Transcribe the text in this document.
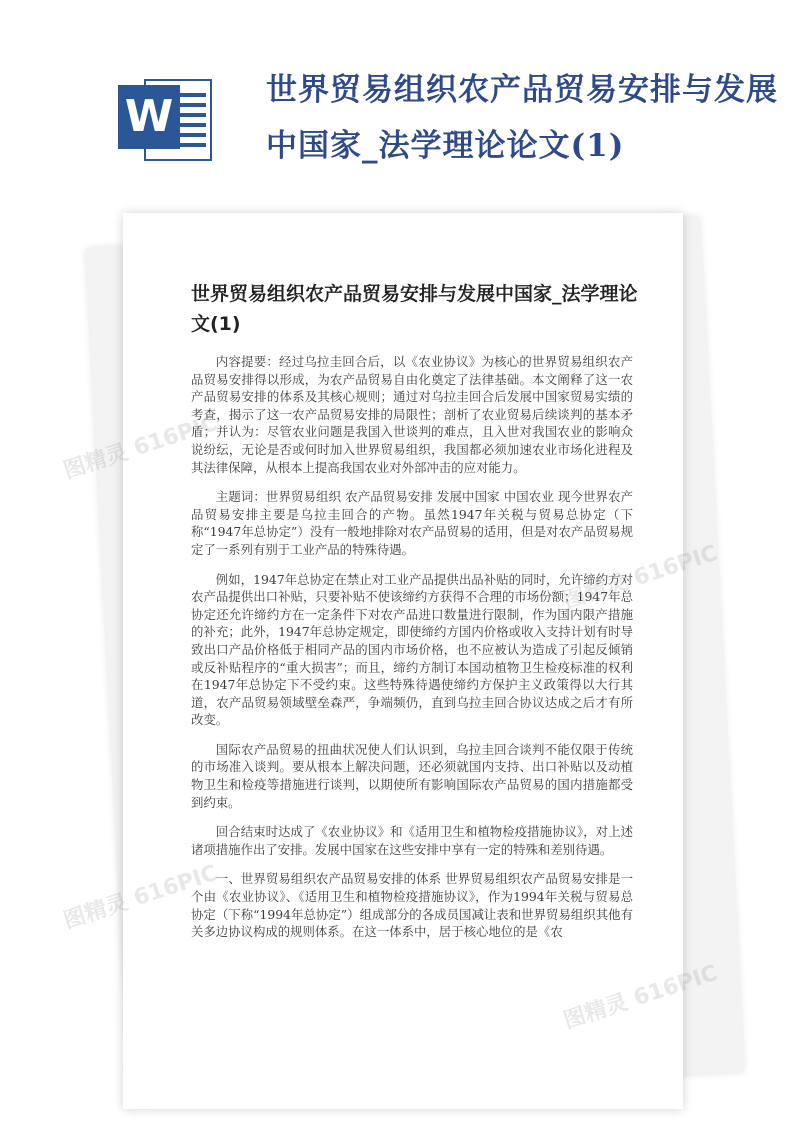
W
世界贸易组织农产品贸易安排与发展中国家_法学理论论文(1)
世界贸易组织农产品贸易安排与发展中国家_法学理论文(1)

内容提要：经过乌拉圭回合后，以《农业协议》为核心的世界贸易组织农产品贸易安排得以形成，为农产品贸易自由化奠定了法律基础。本文阐释了这一农产品贸易安排的体系及其核心规则；通过对乌拉圭回合后发展中国家贸易实绩的考查，揭示了这一农产品贸易安排的局限性；剖析了农业贸易后续谈判的基本矛盾；并认为：尽管农业问题是我国入世谈判的难点，且入世对我国农业的影响众说纷纭，无论是否或何时加入世界贸易组织，我国都必须加速农业市场化进程及其法律保障，从根本上提高我国农业对外部冲击的应对能力。

主题词：世界贸易组织 农产品贸易安排 发展中国家 中国农业 现今世界农产品贸易安排主要是乌拉圭回合的产物。虽然1947年关税与贸易总协定（下称“1947年总协定”）没有一般地排除对农产品贸易的适用，但是对农产品贸易规定了一系列有别于工业产品的特殊待遇。

例如，1947年总协定在禁止对工业产品提供出品补贴的同时，允许缔约方对农产品提供出口补贴，只要补贴不使该缔约方获得不合理的市场份额；1947年总协定还允许缔约方在一定条件下对农产品进口数量进行限制，作为国内限产措施的补充；此外，1947年总协定规定，即使缔约方国内价格或收入支持计划有时导致出口产品价格低于相同产品的国内市场价格，也不应被认为造成了引起反倾销或反补贴程序的“重大损害”；而且，缔约方制订本国动植物卫生检疫标准的权利在1947年总协定下不受约束。这些特殊待遇使缔约方保护主义政策得以大行其道，农产品贸易领域壁垒森严，争端频仍，直到乌拉圭回合协议达成之后才有所改变。

国际农产品贸易的扭曲状况使人们认识到，乌拉圭回合谈判不能仅限于传统的市场准入谈判。要从根本上解决问题，还必须就国内支持、出口补贴以及动植物卫生和检疫等措施进行谈判，以期使所有影响国际农产品贸易的国内措施都受到约束。

回合结束时达成了《农业协议》和《适用卫生和植物检疫措施协议》，对上述诸项措施作出了安排。发展中国家在这些安排中享有一定的特殊和差别待遇。

一、世界贸易组织农产品贸易安排的体系 世界贸易组织农产品贸易安排是一个由《农业协议》、《适用卫生和植物检疫措施协议》，作为1994年关税与贸易总协定（下称“1994年总协定”）组成部分的各成员国减让表和世界贸易组织其他有关多边协议构成的规则体系。在这一体系中，居于核心地位的是《农

图精灵 616PIC
图精灵 616PIC
图精灵 616PIC
图精灵 616PIC
